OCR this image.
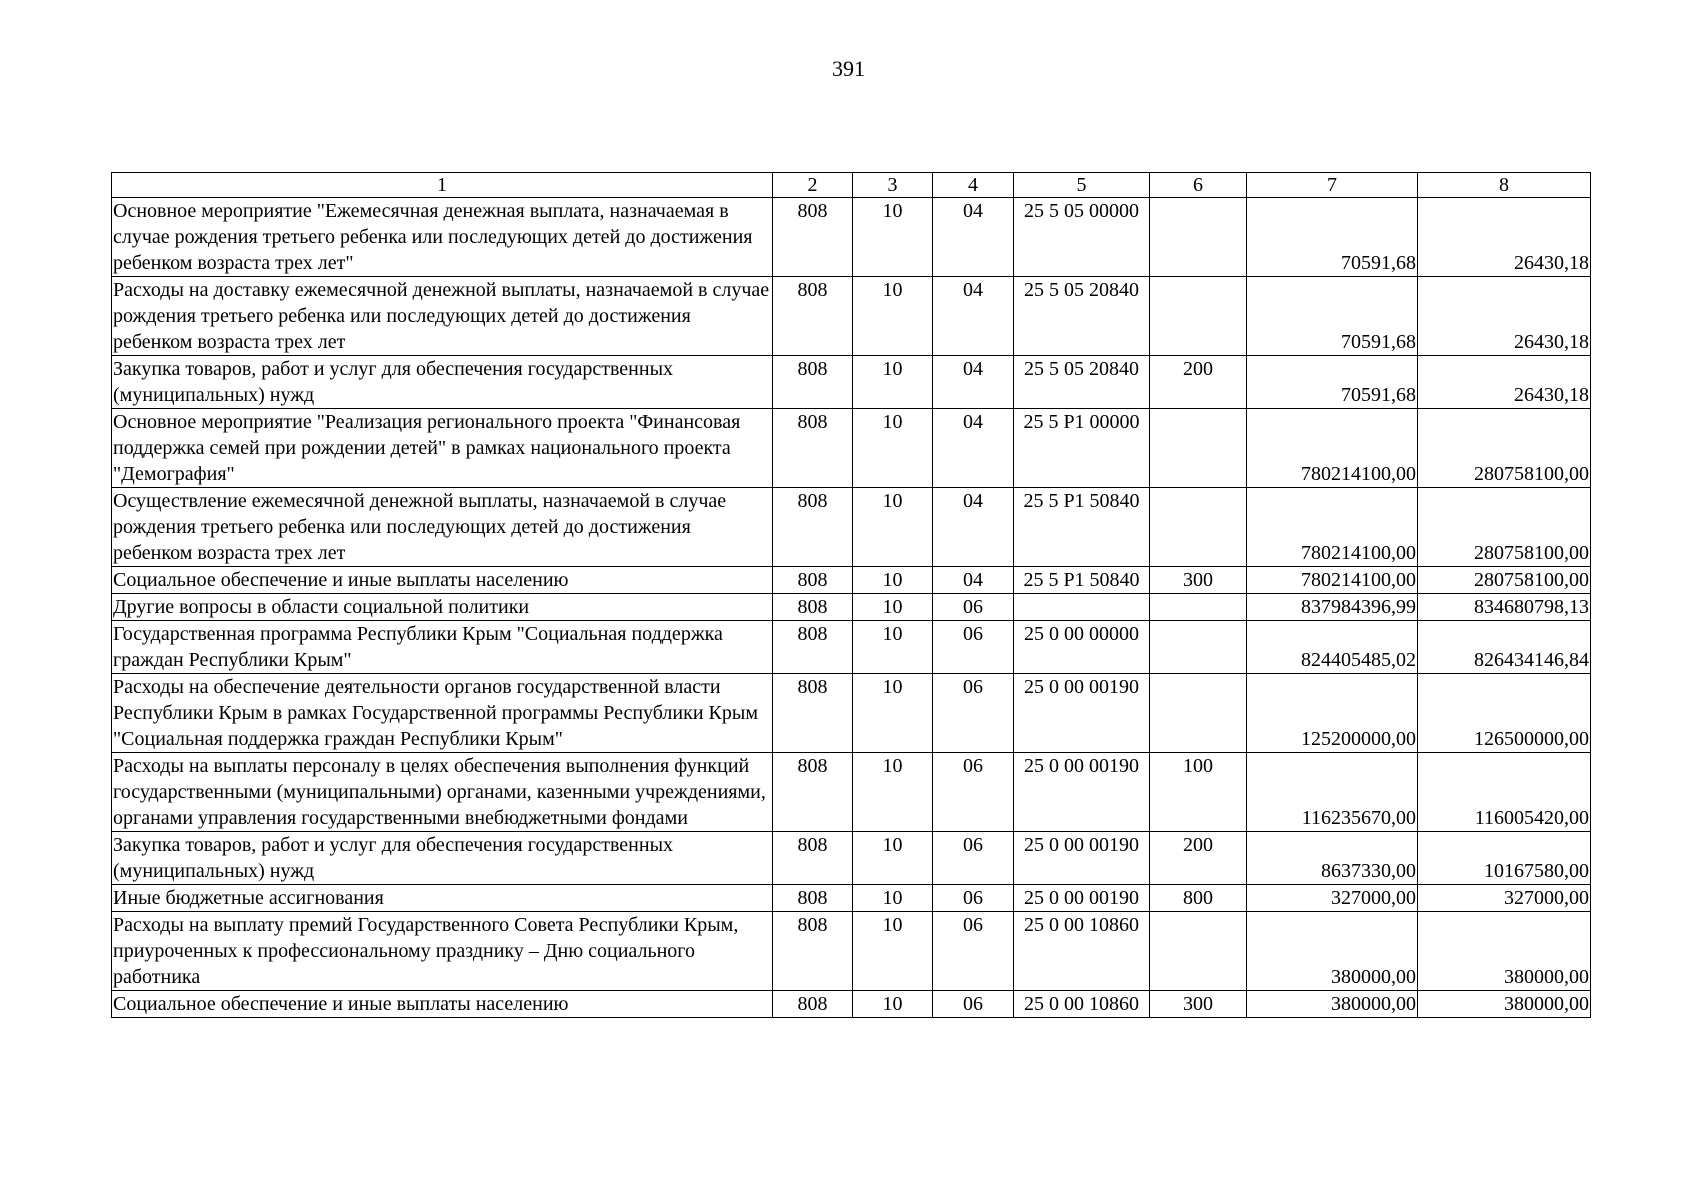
391
1	2	3	4	5	6	7	8
Основное мероприятие "Ежемесячная денежная выплата, назначаемая в случае рождения третьего ребенка или последующих детей до достижения ребенком возраста трех лет"	808	10	04	25 5 05 00000		70591,68	26430,18
Расходы на доставку ежемесячной денежной выплаты, назначаемой в случае рождения третьего ребенка или последующих детей до достижения ребенком возраста трех лет	808	10	04	25 5 05 20840		70591,68	26430,18
Закупка товаров, работ и услуг для обеспечения государственных (муниципальных) нужд	808	10	04	25 5 05 20840	200	70591,68	26430,18
Основное мероприятие "Реализация регионального проекта "Финансовая поддержка семей при рождении детей" в рамках национального проекта "Демография"	808	10	04	25 5 P1 00000		780214100,00	280758100,00
Осуществление ежемесячной денежной выплаты, назначаемой в случае рождения третьего ребенка или последующих детей до достижения ребенком возраста трех лет	808	10	04	25 5 P1 50840		780214100,00	280758100,00
Социальное обеспечение и иные выплаты населению	808	10	04	25 5 P1 50840	300	780214100,00	280758100,00
Другие вопросы в области социальной политики	808	10	06			837984396,99	834680798,13
Государственная программа Республики Крым "Социальная поддержка граждан Республики Крым"	808	10	06	25 0 00 00000		824405485,02	826434146,84
Расходы на обеспечение деятельности органов государственной власти Республики Крым в рамках Государственной программы Республики Крым "Социальная поддержка граждан Республики Крым"	808	10	06	25 0 00 00190		125200000,00	126500000,00
Расходы на выплаты персоналу в целях обеспечения выполнения функций государственными (муниципальными) органами, казенными учреждениями, органами управления государственными внебюджетными фондами	808	10	06	25 0 00 00190	100	116235670,00	116005420,00
Закупка товаров, работ и услуг для обеспечения государственных (муниципальных) нужд	808	10	06	25 0 00 00190	200	8637330,00	10167580,00
Иные бюджетные ассигнования	808	10	06	25 0 00 00190	800	327000,00	327000,00
Расходы на выплату премий Государственного Совета Республики Крым, приуроченных к профессиональному празднику – Дню социального работника	808	10	06	25 0 00 10860		380000,00	380000,00
Социальное обеспечение и иные выплаты населению	808	10	06	25 0 00 10860	300	380000,00	380000,00
